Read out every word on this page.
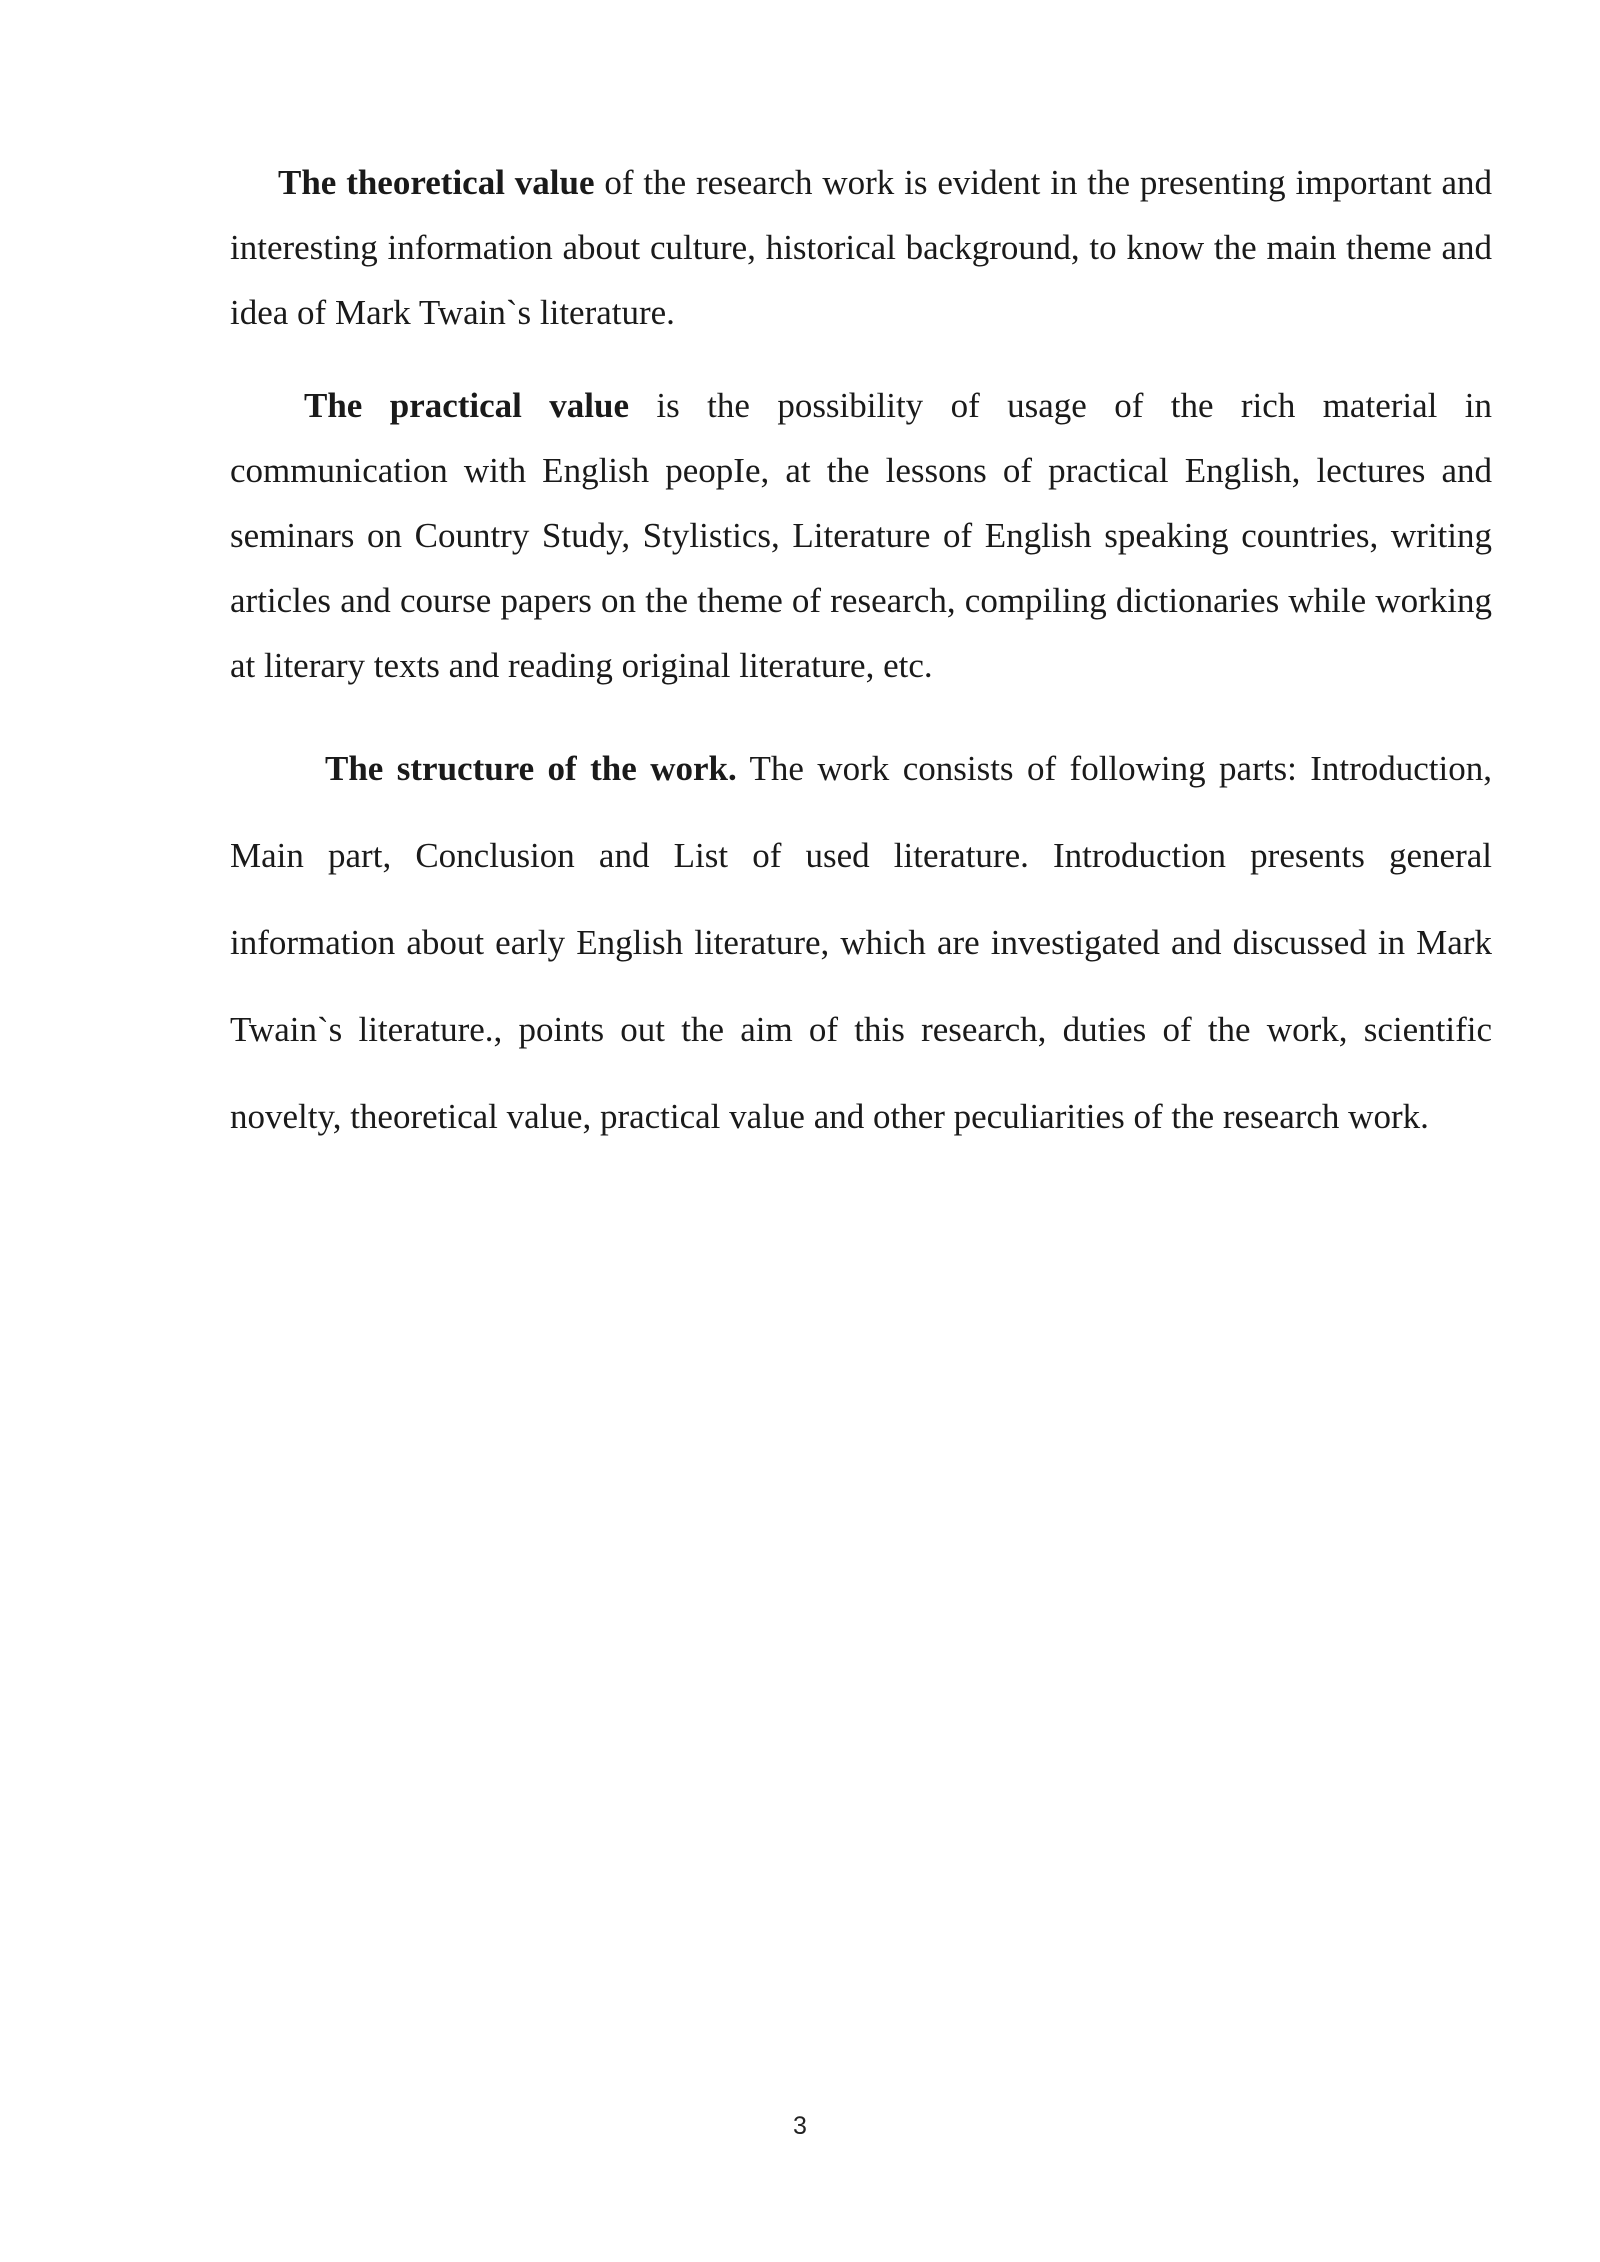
The theoretical value of the research work is evident in the presenting important and interesting information about culture, historical background, to know the main theme and idea of Mark Twain`s literature.

The practical value is the possibility of usage of the rich material in communication with English peopIe, at the lessons of practical English, lectures and seminars on Country Study, Stylistics, Literature of English speaking countries, writing articles and course papers on the theme of research, compiling dictionaries while working at literary texts and reading original literature, etc.

The structure of the work. The work consists of following parts: Introduction, Main part, Conclusion and List of used literature. Introduction presents general information about early English literature, which are investigated and discussed in Mark Twain`s literature., points out the aim of this research, duties of the work, scientific novelty, theoretical value, practical value and other peculiarities of the research work.

3
